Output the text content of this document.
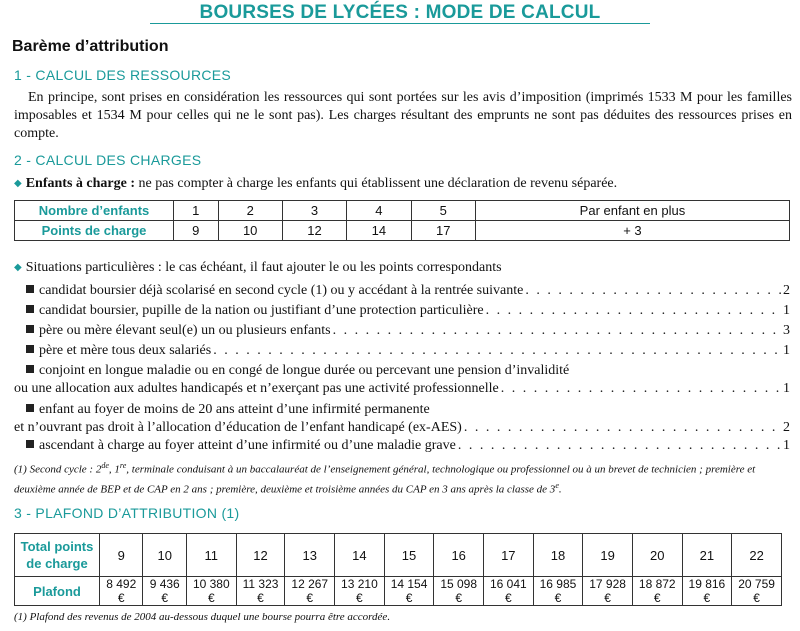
BOURSES DE LYCÉES : MODE DE CALCUL
Barème d’attribution
1 - CALCUL DES RESSOURCES
En principe, sont prises en considération les ressources qui sont portées sur les avis d’imposition (imprimés 1533 M pour les familles imposables et 1534 M pour celles qui ne le sont pas). Les charges résultant des emprunts ne sont pas déduites des ressources prises en compte.
2 - CALCUL DES CHARGES
◆ Enfants à charge : ne pas compter à charge les enfants qui établissent une déclaration de revenu séparée.
Nombre d’enfants	1	2	3	4	5	Par enfant en plus
Points de charge	9	10	12	14	17	+ 3
◆ Situations particulières : le cas échéant, il faut ajouter le ou les points correspondants
candidat boursier déjà scolarisé en second cycle (1) ou y accédant à la rentrée suivante . . .	2
candidat boursier, pupille de la nation ou justifiant d’une protection particulière . . .	1
père ou mère élevant seul(e) un ou plusieurs enfants . . .	3
père et mère tous deux salariés . . .	1
conjoint en longue maladie ou en congé de longue durée ou percevant une pension d’invalidité
ou une allocation aux adultes handicapés et n’exerçant pas une activité professionnelle . . .	1
enfant au foyer de moins de 20 ans atteint d’une infirmité permanente
et n’ouvrant pas droit à l’allocation d’éducation de l’enfant handicapé (ex-AES) . . .	2
ascendant à charge au foyer atteint d’une infirmité ou d’une maladie grave . . .	1
(1) Second cycle : 2de, 1re, terminale conduisant à un baccalauréat de l’enseignement général, technologique ou professionnel ou à un brevet de technicien ; première et deuxième année de BEP et de CAP en 2 ans ; première, deuxième et troisième années du CAP en 3 ans après la classe de 3e.
3 - PLAFOND D’ATTRIBUTION (1)
Total points
de charge	9	10	11	12	13	14	15	16	17	18	19	20	21	22
Plafond	8 492 €	9 436 €	10 380 €	11 323 €	12 267 €	13 210 €	14 154 €	15 098 €	16 041 €	16 985 €	17 928 €	18 872 €	19 816 €	20 759 €
(1) Plafond des revenus de 2004 au-dessous duquel une bourse pourra être accordée.
